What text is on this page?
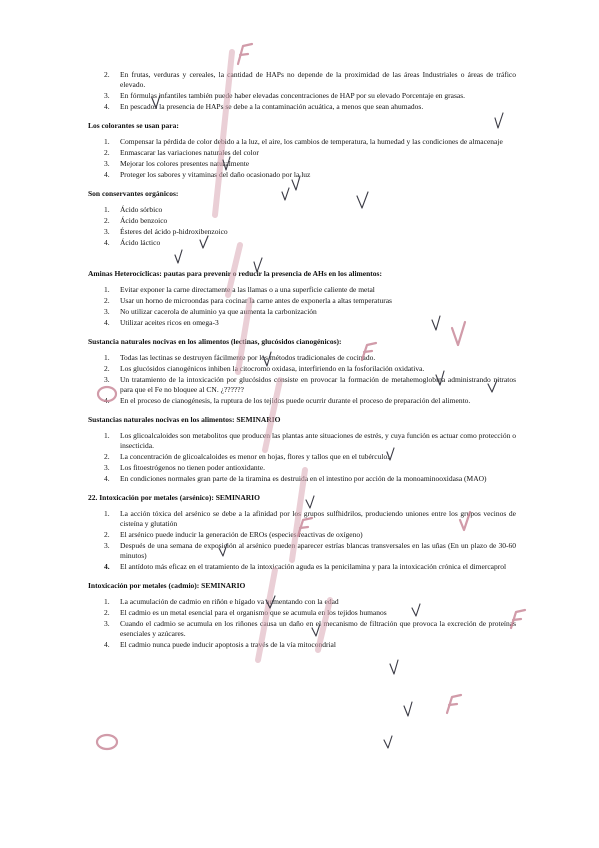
2. En frutas, verduras y cereales, la cantidad de HAPs no depende de la proximidad de las áreas Industriales o áreas de tráfico elevado.
3. En fórmulas infantiles también puede haber elevadas concentraciones de HAP por su elevado Porcentaje en grasas.
4. En pescados la presencia de HAPs se debe a la contaminación acuática, a menos que sean ahumados.
Los colorantes se usan para:
1. Compensar la pérdida de color debido a la luz, el aire, los cambios de temperatura, la humedad y las condiciones de almacenaje
2. Enmascarar las variaciones naturales del color
3. Mejorar los colores presentes naturalmente
4. Proteger los sabores y vitaminas del daño ocasionado por la luz
Son conservantes orgánicos:
1. Ácido sórbico
2. Ácido benzoico
3. Ésteres del ácido p-hidroxibenzoico
4. Ácido láctico
Aminas Heterocíclicas: pautas para prevenir o reducir la presencia de AHs en los alimentos:
1. Evitar exponer la carne directamente a las llamas o a una superficie caliente de metal
2. Usar un horno de microondas para cocinar la carne antes de exponerla a altas temperaturas
3. No utilizar cacerola de aluminio ya que aumenta la carbonización
4. Utilizar aceites ricos en omega-3
Sustancia naturales nocivas en los alimentos (lectinas, glucósidos cianogénicos):
1. Todas las lectinas se destruyen fácilmente por los métodos tradicionales de cocinado.
2. Los glucósidos cianogénicos inhiben la citocromo oxidasa, interfiriendo en la fosforilación oxidativa.
3. Un tratamiento de la intoxicación por glucósidos consiste en provocar la formación de metahemoglobina administrando nitratos para que el Fe no bloquee al CN. ¿??????
4. En el proceso de cianogénesis, la ruptura de los tejidos puede ocurrir durante el proceso de preparación del alimento.
Sustancias naturales nocivas en los alimentos: SEMINARIO
1. Los glicoalcaloides son metabolitos que producen las plantas ante situaciones de estrés, y cuya función es actuar como protección o insecticida.
2. La concentración de glicoalcaloides es menor en hojas, flores y tallos que en el tubérculo.
3. Los fitoestrógenos no tienen poder antioxidante.
4. En condiciones normales gran parte de la tiramina es destruida en el intestino por acción de la monoaminooxidasa (MAO)
22. Intoxicación por metales (arsénico): SEMINARIO
1. La acción tóxica del arsénico se debe a la afinidad por los grupos sulfhidrilos, produciendo uniones entre los grupos vecinos de cisteína y glutatión
2. El arsénico puede inducir la generación de EROs (especies reactivas de oxígeno)
3. Después de una semana de exposición al arsénico pueden aparecer estrías blancas transversales en las uñas (En un plazo de 30-60 minutos)
4. El antídoto más eficaz en el tratamiento de la intoxicación aguda es la penicilamina y para la intoxicación crónica el dimercaprol
Intoxicación por metales (cadmio): SEMINARIO
1. La acumulación de cadmio en riñón e hígado va aumentando con la edad
2. El cadmio es un metal esencial para el organismo que se acumula en los tejidos humanos
3. Cuando el cadmio se acumula en los riñones causa un daño en el mecanismo de filtración que provoca la excreción de proteínas esenciales y azúcares.
4. El cadmio nunca puede inducir apoptosis a través de la vía mitocondrial
